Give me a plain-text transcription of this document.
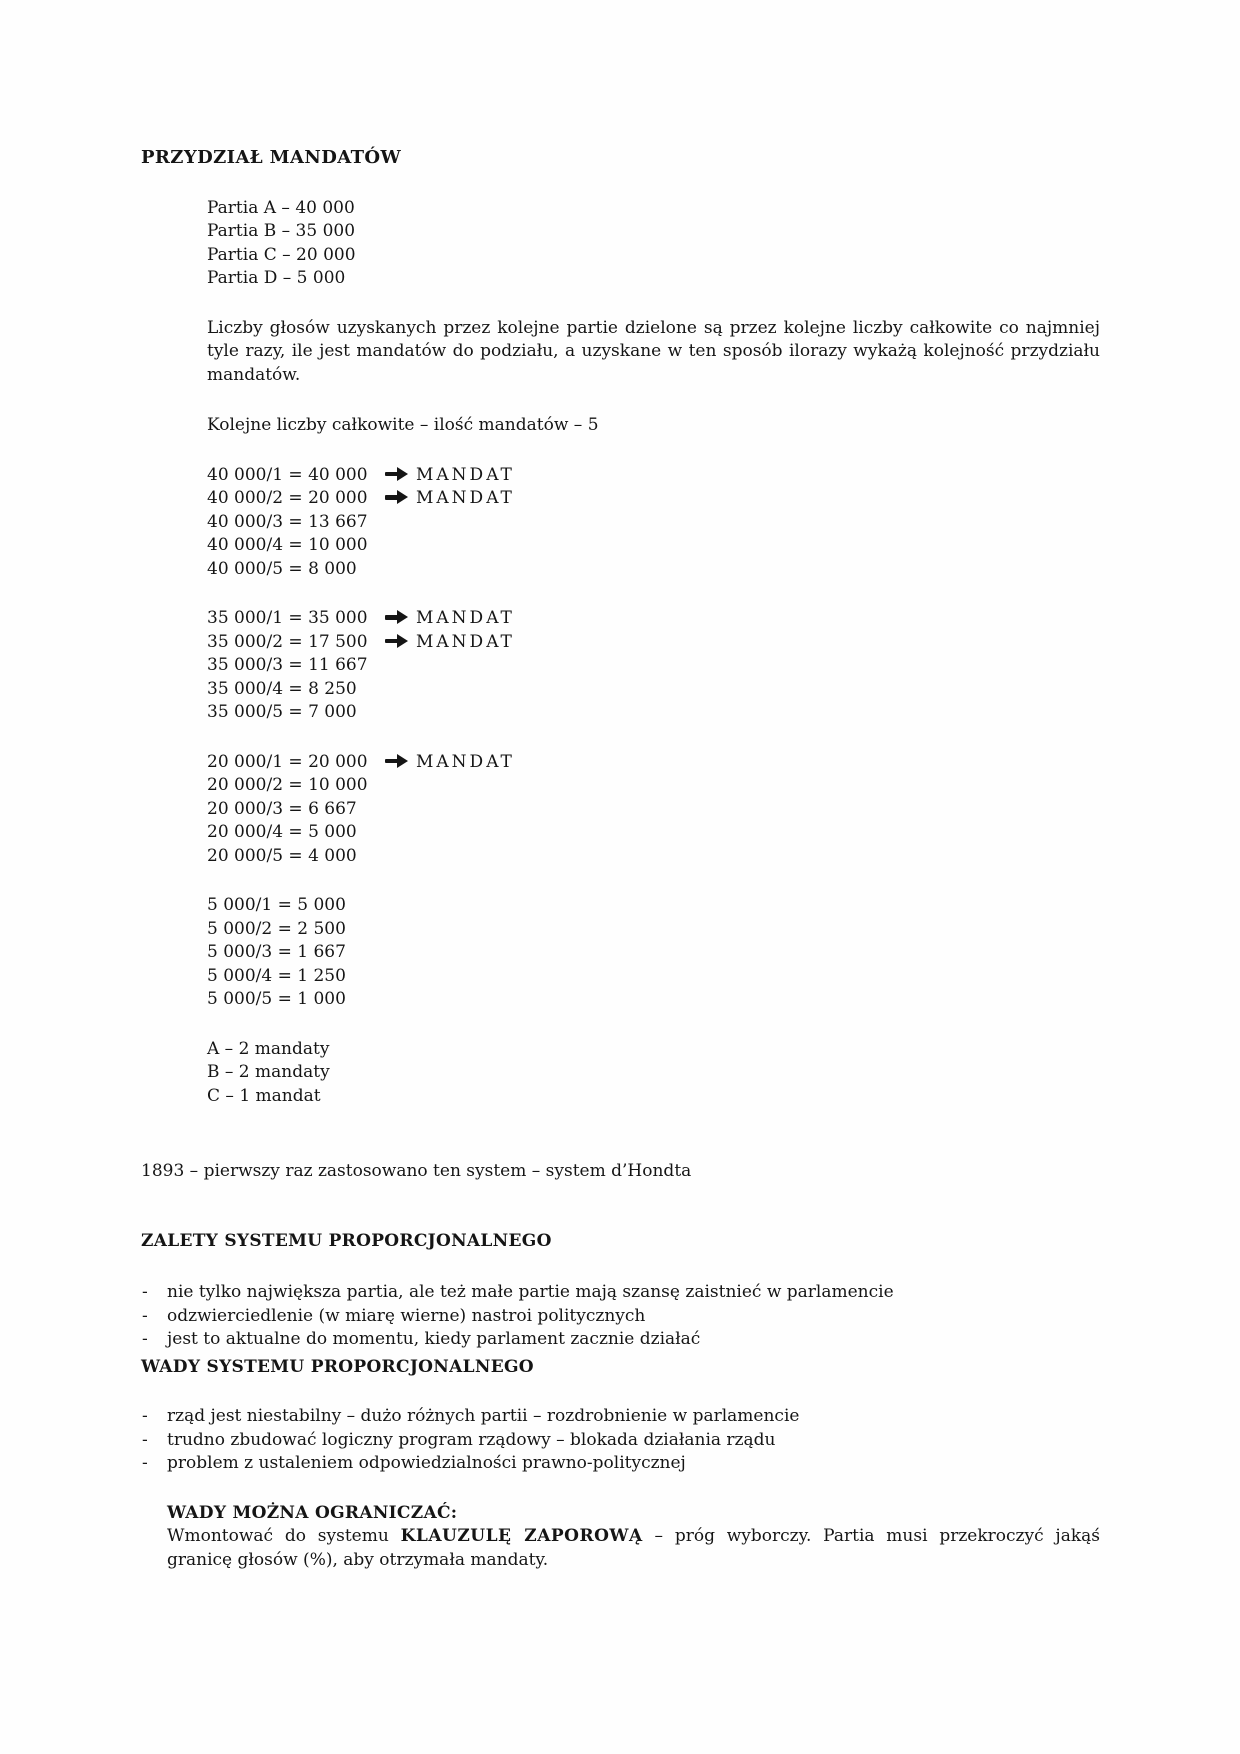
PRZYDZIAŁ MANDATÓW
Partia A – 40 000
Partia B – 35 000
Partia C – 20 000
Partia D – 5 000
Liczby głosów uzyskanych przez kolejne partie dzielone są przez kolejne liczby całkowite co najmniej tyle razy, ile jest mandatów do podziału, a uzyskane w ten sposób ilorazy wykażą kolejność przydziału mandatów.
Kolejne liczby całkowite – ilość mandatów – 5
40 000/1 = 40 000	MANDAT
40 000/2 = 20 000	MANDAT
40 000/3 = 13 667
40 000/4 = 10 000
40 000/5 = 8 000
35 000/1 = 35 000	MANDAT
35 000/2 = 17 500	MANDAT
35 000/3 = 11 667
35 000/4 = 8 250
35 000/5 = 7 000
20 000/1 = 20 000	MANDAT
20 000/2 = 10 000
20 000/3 = 6 667
20 000/4 = 5 000
20 000/5 = 4 000
5 000/1 = 5 000
5 000/2 = 2 500
5 000/3 = 1 667
5 000/4 = 1 250
5 000/5 = 1 000
A – 2 mandaty
B – 2 mandaty
C – 1 mandat
1893 – pierwszy raz zastosowano ten system – system d’Hondta
ZALETY SYSTEMU PROPORCJONALNEGO
-	nie tylko największa partia, ale też małe partie mają szansę zaistnieć w parlamencie
-	odzwierciedlenie (w miarę wierne) nastroi politycznych
-	jest to aktualne do momentu, kiedy parlament zacznie działać
WADY SYSTEMU PROPORCJONALNEGO
-	rząd jest niestabilny – dużo różnych partii – rozdrobnienie w parlamencie
-	trudno zbudować logiczny program rządowy – blokada działania rządu
-	problem z ustaleniem odpowiedzialności prawno-politycznej
WADY MOŻNA OGRANICZAĆ:
Wmontować do systemu KLAUZULĘ ZAPOROWĄ – próg wyborczy. Partia musi przekroczyć jakąś granicę głosów (%), aby otrzymała mandaty.
